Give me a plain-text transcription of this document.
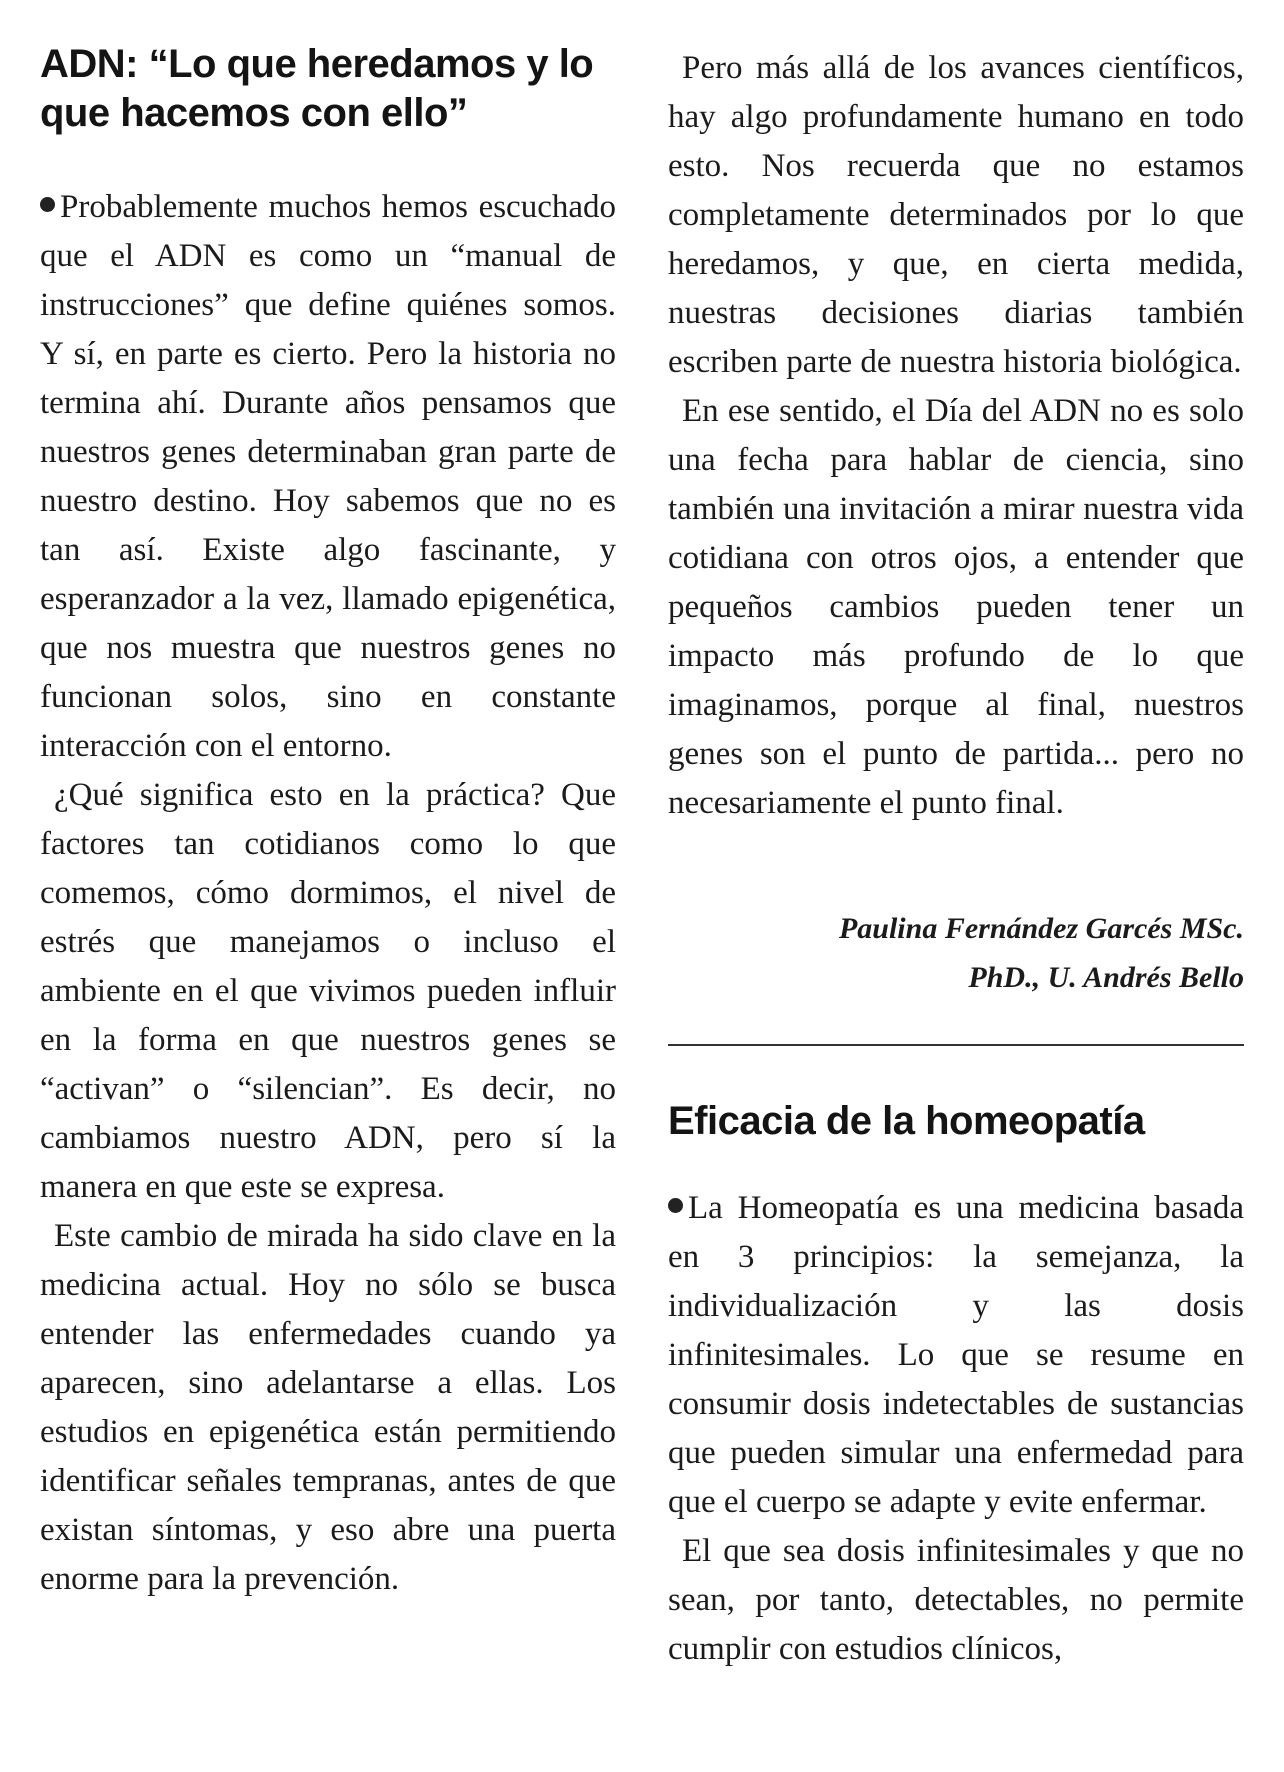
ADN: “Lo que heredamos y lo
que hacemos con ello”

Probablemente muchos hemos escuchado que el ADN es como un “manual de instrucciones” que define quiénes somos. Y sí, en parte es cierto. Pero la historia no termina ahí. Durante años pensamos que nuestros genes determinaban gran parte de nuestro destino. Hoy sabemos que no es tan así. Existe algo fascinante, y esperanzador a la vez, llamado epigenética, que nos muestra que nuestros genes no funcionan solos, sino en constante interacción con el entorno.

¿Qué significa esto en la práctica? Que factores tan cotidianos como lo que comemos, cómo dormimos, el nivel de estrés que manejamos o incluso el ambiente en el que vivimos pueden influir en la forma en que nuestros genes se “activan” o “silencian”. Es decir, no cambiamos nuestro ADN, pero sí la manera en que este se expresa.

Este cambio de mirada ha sido clave en la medicina actual. Hoy no sólo se busca entender las enfermedades cuando ya aparecen, sino adelantarse a ellas. Los estudios en epigenética están permitiendo identificar señales tempranas, antes de que existan síntomas, y eso abre una puerta enorme para la prevención.

Pero más allá de los avances científicos, hay algo profundamente humano en todo esto. Nos recuerda que no estamos completamente determinados por lo que heredamos, y que, en cierta medida, nuestras decisiones diarias también escriben parte de nuestra historia biológica.

En ese sentido, el Día del ADN no es solo una fecha para hablar de ciencia, sino también una invitación a mirar nuestra vida cotidiana con otros ojos, a entender que pequeños cambios pueden tener un impacto más profundo de lo que imaginamos, porque al final, nuestros genes son el punto de partida... pero no necesariamente el punto final.

Paulina Fernández Garcés MSc.
PhD., U. Andrés Bello

Eficacia de la homeopatía

La Homeopatía es una medicina basada en 3 principios: la semejanza, la individualización y las dosis infinitesimales. Lo que se resume en consumir dosis indetectables de sustancias que pueden simular una enfermedad para que el cuerpo se adapte y evite enfermar.

El que sea dosis infinitesimales y que no sean, por tanto, detectables, no permite cumplir con estudios clínicos,
